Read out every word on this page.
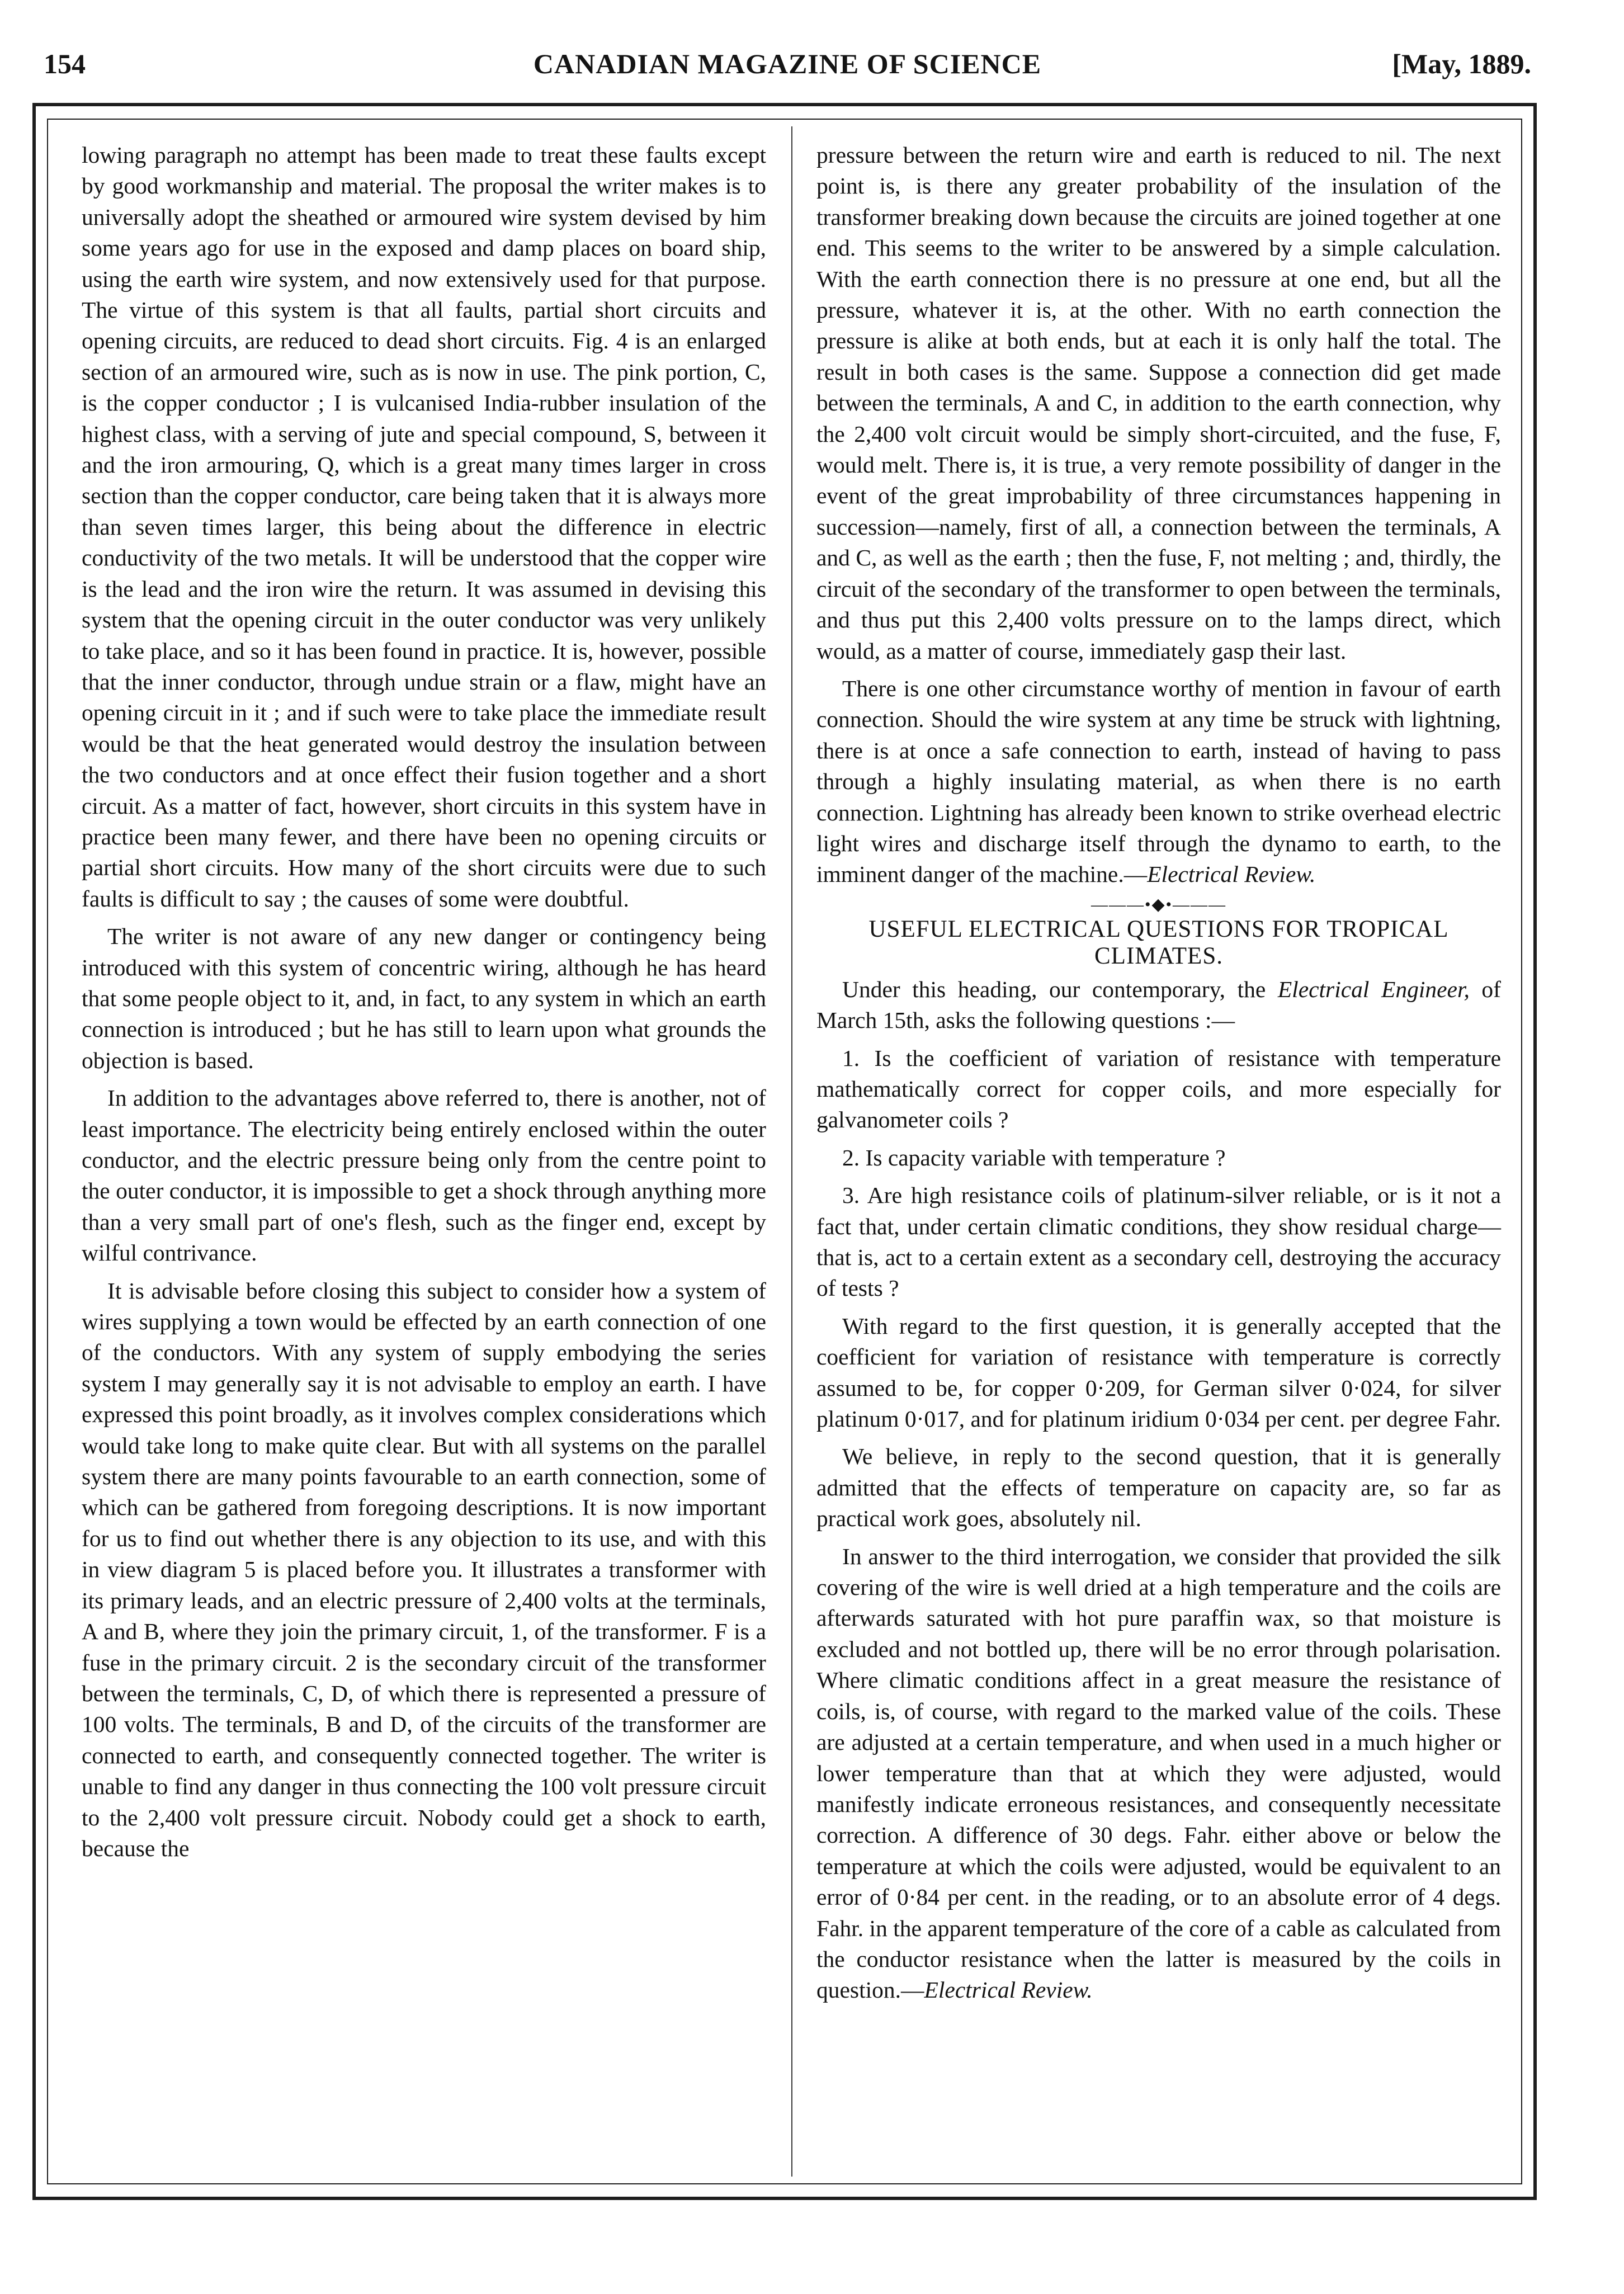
154	CANADIAN MAGAZINE OF SCIENCE	[May, 1889.

lowing paragraph no attempt has been made to treat these faults except by good workmanship and material. The proposal the writer makes is to universally adopt the sheathed or armoured wire system devised by him some years ago for use in the exposed and damp places on board ship, using the earth wire system, and now extensively used for that purpose. The virtue of this system is that all faults, partial short circuits and opening circuits, are reduced to dead short circuits. Fig. 4 is an enlarged section of an armoured wire, such as is now in use. The pink portion, C, is the copper conductor ; I is vulcanised India-rubber insulation of the highest class, with a serving of jute and special compound, S, between it and the iron armouring, Q, which is a great many times larger in cross section than the copper conductor, care being taken that it is always more than seven times larger, this being about the difference in electric conductivity of the two metals. It will be understood that the copper wire is the lead and the iron wire the return. It was assumed in devising this system that the opening circuit in the outer conductor was very unlikely to take place, and so it has been found in practice. It is, however, possible that the inner conductor, through undue strain or a flaw, might have an opening circuit in it ; and if such were to take place the immediate result would be that the heat generated would destroy the insulation between the two conductors and at once effect their fusion together and a short circuit. As a matter of fact, however, short circuits in this system have in practice been many fewer, and there have been no opening circuits or partial short circuits. How many of the short circuits were due to such faults is difficult to say ; the causes of some were doubtful.

The writer is not aware of any new danger or contingency being introduced with this system of concentric wiring, although he has heard that some people object to it, and, in fact, to any system in which an earth connection is introduced ; but he has still to learn upon what grounds the objection is based.

In addition to the advantages above referred to, there is another, not of least importance. The electricity being entirely enclosed within the outer conductor, and the electric pressure being only from the centre point to the outer conductor, it is impossible to get a shock through anything more than a very small part of one's flesh, such as the finger end, except by wilful contrivance.

It is advisable before closing this subject to consider how a system of wires supplying a town would be effected by an earth connection of one of the conductors. With any system of supply embodying the series system I may generally say it is not advisable to employ an earth. I have expressed this point broadly, as it involves complex considerations which would take long to make quite clear. But with all systems on the parallel system there are many points favourable to an earth connection, some of which can be gathered from foregoing descriptions. It is now important for us to find out whether there is any objection to its use, and with this in view diagram 5 is placed before you. It illustrates a transformer with its primary leads, and an electric pressure of 2,400 volts at the terminals, A and B, where they join the primary circuit, 1, of the transformer. F is a fuse in the primary circuit. 2 is the secondary circuit of the transformer between the terminals, C, D, of which there is represented a pressure of 100 volts. The terminals, B and D, of the circuits of the transformer are connected to earth, and consequently connected together. The writer is unable to find any danger in thus connecting the 100 volt pressure circuit to the 2,400 volt pressure circuit. Nobody could get a shock to earth, because the

pressure between the return wire and earth is reduced to nil. The next point is, is there any greater probability of the insulation of the transformer breaking down because the circuits are joined together at one end. This seems to the writer to be answered by a simple calculation. With the earth connection there is no pressure at one end, but all the pressure, whatever it is, at the other. With no earth connection the pressure is alike at both ends, but at each it is only half the total. The result in both cases is the same. Suppose a connection did get made between the terminals, A and C, in addition to the earth connection, why the 2,400 volt circuit would be simply short-circuited, and the fuse, F, would melt. There is, it is true, a very remote possibility of danger in the event of the great improbability of three circumstances happening in succession—namely, first of all, a connection between the terminals, A and C, as well as the earth ; then the fuse, F, not melting ; and, thirdly, the circuit of the secondary of the transformer to open between the terminals, and thus put this 2,400 volts pressure on to the lamps direct, which would, as a matter of course, immediately gasp their last.

There is one other circumstance worthy of mention in favour of earth connection. Should the wire system at any time be struck with lightning, there is at once a safe connection to earth, instead of having to pass through a highly insulating material, as when there is no earth connection. Lightning has already been known to strike overhead electric light wires and discharge itself through the dynamo to earth, to the imminent danger of the machine.—Electrical Review.

———•◆•———
USEFUL ELECTRICAL QUESTIONS FOR TROPICAL CLIMATES.

Under this heading, our contemporary, the Electrical Engineer, of March 15th, asks the following questions :—

1. Is the coefficient of variation of resistance with temperature mathematically correct for copper coils, and more especially for galvanometer coils ?

2. Is capacity variable with temperature ?

3. Are high resistance coils of platinum-silver reliable, or is it not a fact that, under certain climatic conditions, they show residual charge—that is, act to a certain extent as a secondary cell, destroying the accuracy of tests ?

With regard to the first question, it is generally accepted that the coefficient for variation of resistance with temperature is correctly assumed to be, for copper 0·209, for German silver 0·024, for silver platinum 0·017, and for platinum iridium 0·034 per cent. per degree Fahr.

We believe, in reply to the second question, that it is generally admitted that the effects of temperature on capacity are, so far as practical work goes, absolutely nil.

In answer to the third interrogation, we consider that provided the silk covering of the wire is well dried at a high temperature and the coils are afterwards saturated with hot pure paraffin wax, so that moisture is excluded and not bottled up, there will be no error through polarisation. Where climatic conditions affect in a great measure the resistance of coils, is, of course, with regard to the marked value of the coils. These are adjusted at a certain temperature, and when used in a much higher or lower temperature than that at which they were adjusted, would manifestly indicate erroneous resistances, and consequently necessitate correction. A difference of 30 degs. Fahr. either above or below the temperature at which the coils were adjusted, would be equivalent to an error of 0·84 per cent. in the reading, or to an absolute error of 4 degs. Fahr. in the apparent temperature of the core of a cable as calculated from the conductor resistance when the latter is measured by the coils in question.—Electrical Review.
